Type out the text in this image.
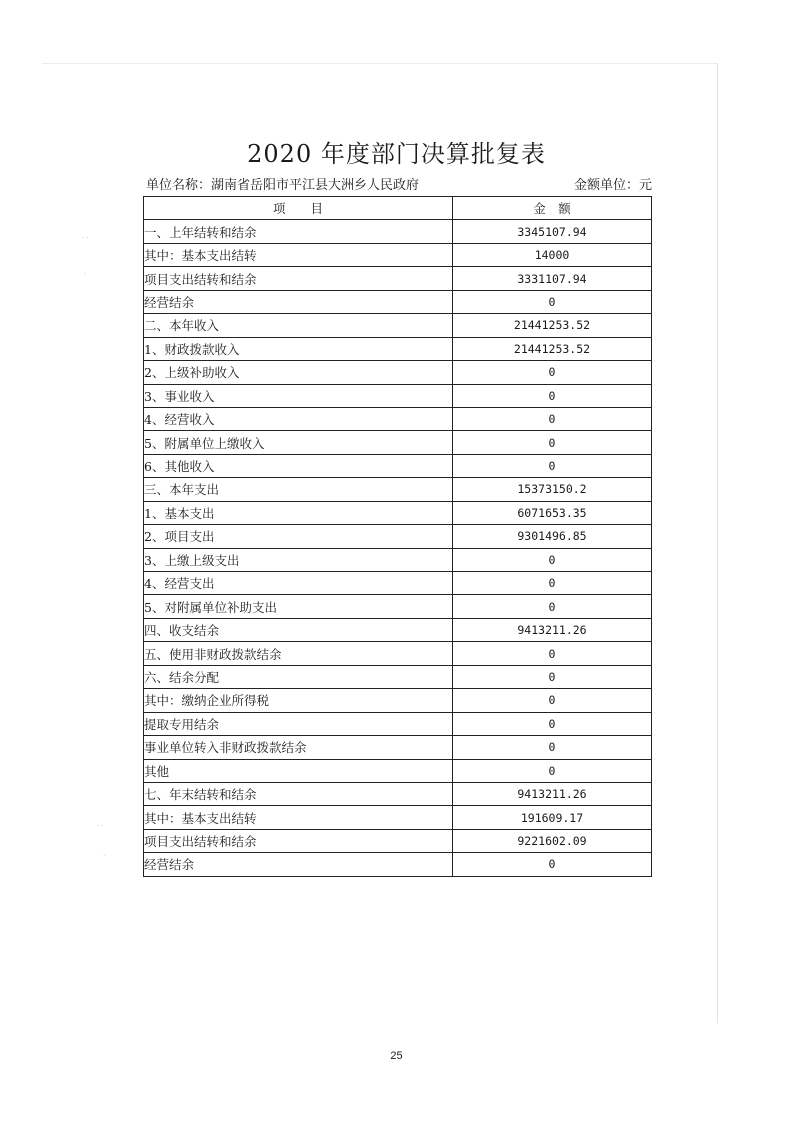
· ·
·
· ·
·
2020 年度部门决算批复表
单位名称：湖南省岳阳市平江县大洲乡人民政府	金额单位：元
项　　目	金　额
一、上年结转和结余	3345107.94
其中：基本支出结转	14000
项目支出结转和结余	3331107.94
经营结余	0
二、本年收入	21441253.52
1、财政拨款收入	21441253.52
2、上级补助收入	0
3、事业收入	0
4、经营收入	0
5、附属单位上缴收入	0
6、其他收入	0
三、本年支出	15373150.2
1、基本支出	6071653.35
2、项目支出	9301496.85
3、上缴上级支出	0
4、经营支出	0
5、对附属单位补助支出	0
四、收支结余	9413211.26
五、使用非财政拨款结余	0
六、结余分配	0
其中：缴纳企业所得税	0
提取专用结余	0
事业单位转入非财政拨款结余	0
其他	0
七、年末结转和结余	9413211.26
其中：基本支出结转	191609.17
项目支出结转和结余	9221602.09
经营结余	0
25
